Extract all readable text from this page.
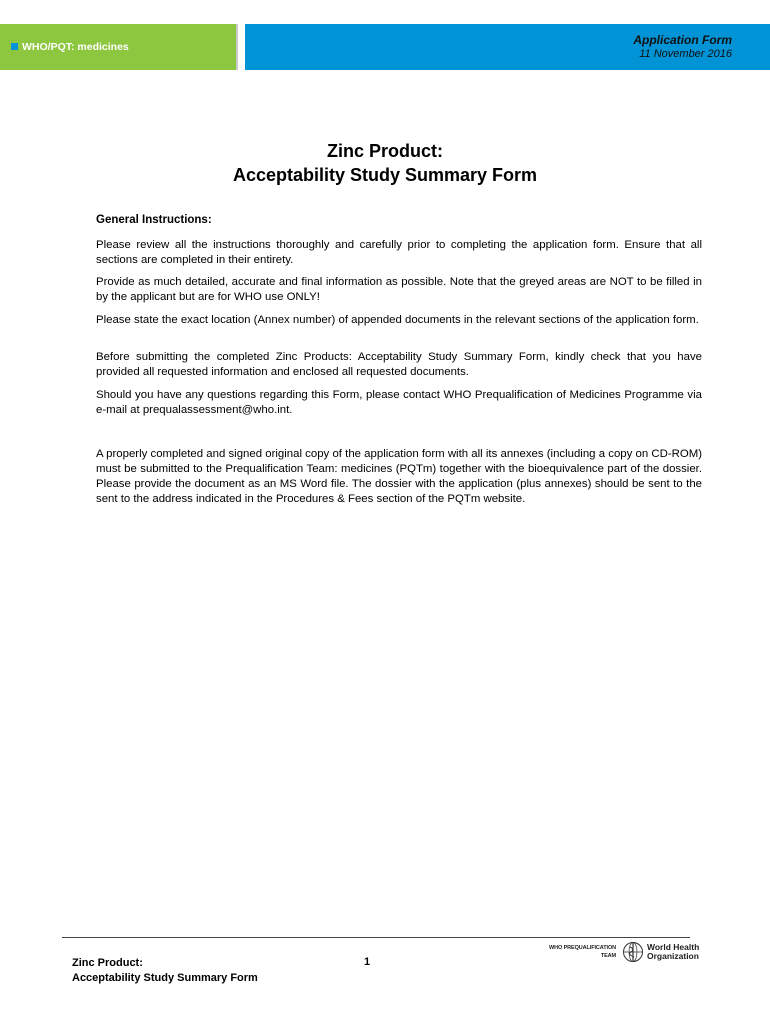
WHO/PQT: medicines	Application Form
11 November 2016
Zinc Product:
Acceptability Study Summary Form
General Instructions:

Please review all the instructions thoroughly and carefully prior to completing the application form. Ensure that all sections are completed in their entirety.

Provide as much detailed, accurate and final information as possible. Note that the greyed areas are NOT to be filled in by the applicant but are for WHO use ONLY!

Please state the exact location (Annex number) of appended documents in the relevant sections of the application form.

Before submitting the completed Zinc Products: Acceptability Study Summary Form, kindly check that you have provided all requested information and enclosed all requested documents.

Should you have any questions regarding this Form, please contact WHO Prequalification of Medicines Programme via e-mail at prequalassessment@who.int.

A properly completed and signed original copy of the application form with all its annexes (including a copy on CD-ROM) must be submitted to the Prequalification Team: medicines (PQTm) together with the bioequivalence part of the dossier. Please provide the document as an MS Word file. The dossier with the application (plus annexes) should be sent to the sent to the address indicated in the Procedures & Fees section of the PQTm website.

Zinc Product:
Acceptability Study Summary Form
1
WHO PREQUALIFICATION
TEAM
World Health
Organization
